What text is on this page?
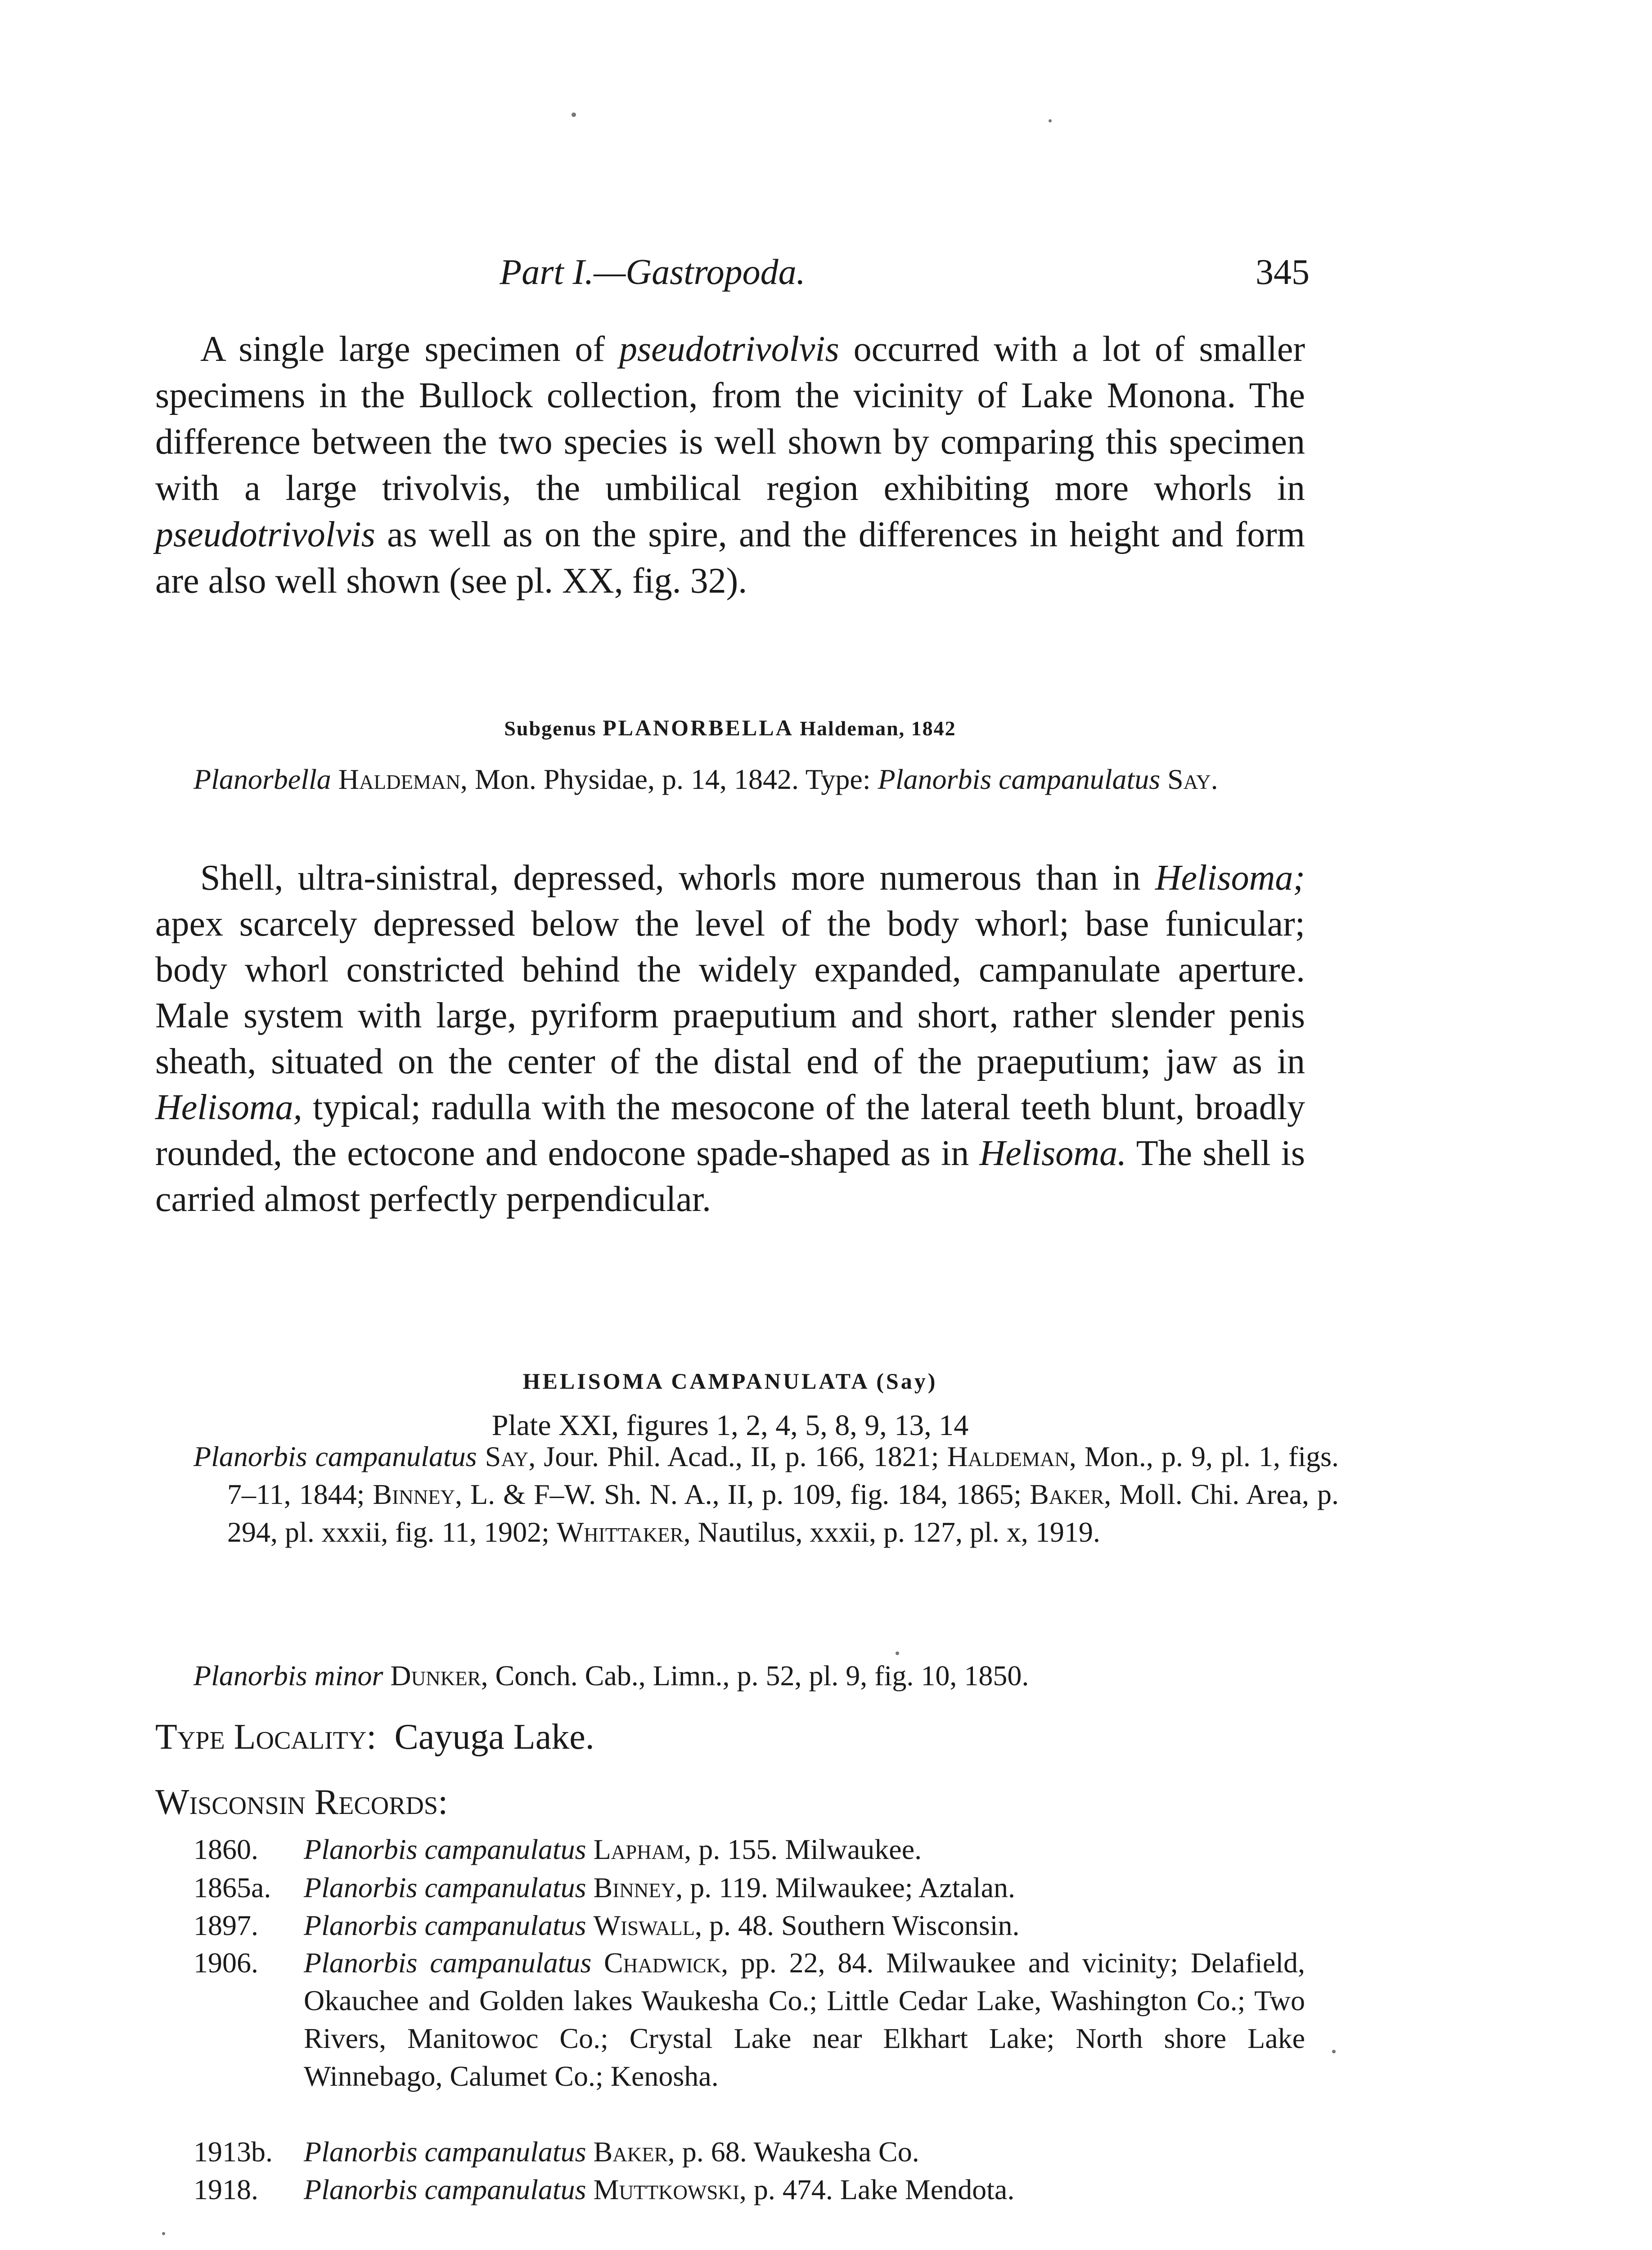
Part I.—Gastropoda.	345

A single large specimen of pseudotrivolvis occurred with a lot of smaller specimens in the Bullock collection, from the vicinity of Lake Monona. The difference between the two species is well shown by comparing this specimen with a large trivolvis, the umbilical region exhibiting more whorls in pseudotrivolvis as well as on the spire, and the differences in height and form are also well shown (see pl. XX, fig. 32).

Subgenus PLANORBELLA Haldeman, 1842

Planorbella Haldeman, Mon. Physidae, p. 14, 1842. Type: Planorbis campanulatus Say.

Shell, ultra-sinistral, depressed, whorls more numerous than in Helisoma; apex scarcely depressed below the level of the body whorl; base funicular; body whorl constricted behind the widely expanded, campanulate aperture. Male system with large, pyriform praeputium and short, rather slender penis sheath, situated on the center of the distal end of the praeputium; jaw as in Helisoma, typical; radulla with the mesocone of the lateral teeth blunt, broadly rounded, the ectocone and endocone spade-shaped as in Helisoma. The shell is carried almost perfectly perpendicular.

HELISOMA CAMPANULATA (Say)
Plate XXI, figures 1, 2, 4, 5, 8, 9, 13, 14

Planorbis campanulatus Say, Jour. Phil. Acad., II, p. 166, 1821; Haldeman, Mon., p. 9, pl. 1, figs. 7–11, 1844; Binney, L. & F–W. Sh. N. A., II, p. 109, fig. 184, 1865; Baker, Moll. Chi. Area, p. 294, pl. xxxii, fig. 11, 1902; Whittaker, Nautilus, xxxii, p. 127, pl. x, 1919.

Planorbis minor Dunker, Conch. Cab., Limn., p. 52, pl. 9, fig. 10, 1850.

Type Locality: Cayuga Lake.
Wisconsin Records:
1860. Planorbis campanulatus Lapham, p. 155. Milwaukee.
1865a. Planorbis campanulatus Binney, p. 119. Milwaukee; Aztalan.
1897. Planorbis campanulatus Wiswall, p. 48. Southern Wisconsin.
1906. Planorbis campanulatus Chadwick, pp. 22, 84. Milwaukee and vicinity; Delafield, Okauchee and Golden lakes Waukesha Co.; Little Cedar Lake, Washington Co.; Two Rivers, Manitowoc Co.; Crystal Lake near Elkhart Lake; North shore Lake Winnebago, Calumet Co.; Kenosha.
1913b. Planorbis campanulatus Baker, p. 68. Waukesha Co.
1918. Planorbis campanulatus Muttkowski, p. 474. Lake Mendota.
